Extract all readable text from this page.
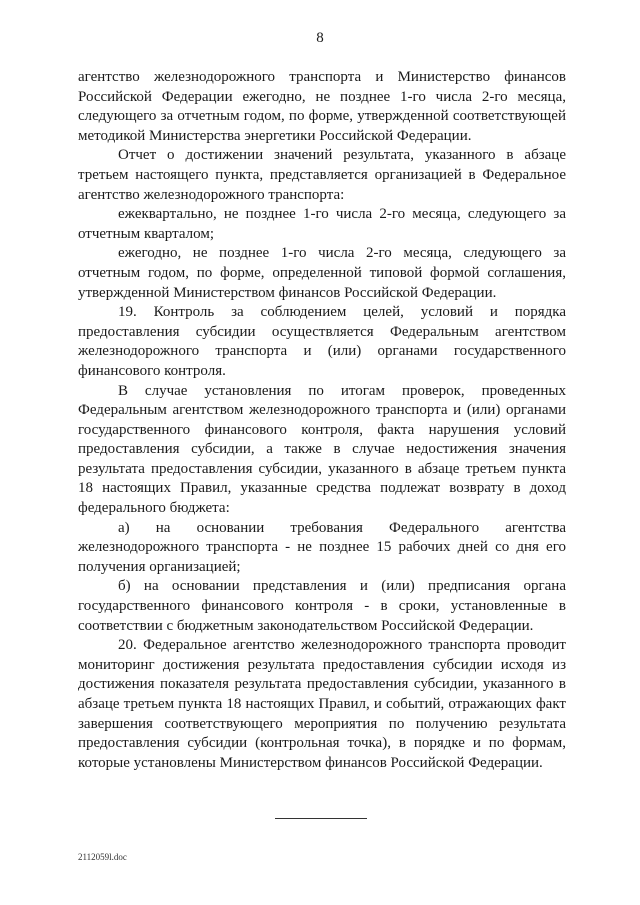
8

агентство железнодорожного транспорта и Министерство финансов Российской Федерации ежегодно, не позднее 1-го числа 2-го месяца, следующего за отчетным годом, по форме, утвержденной соответствующей методикой Министерства энергетики Российской Федерации.

Отчет о достижении значений результата, указанного в абзаце третьем настоящего пункта, представляется организацией в Федеральное агентство железнодорожного транспорта:

ежеквартально, не позднее 1-го числа 2-го месяца, следующего за отчетным кварталом;

ежегодно, не позднее 1-го числа 2-го месяца, следующего за отчетным годом, по форме, определенной типовой формой соглашения, утвержденной Министерством финансов Российской Федерации.

19. Контроль за соблюдением целей, условий и порядка предоставления субсидии осуществляется Федеральным агентством железнодорожного транспорта и (или) органами государственного финансового контроля.

В случае установления по итогам проверок, проведенных Федеральным агентством железнодорожного транспорта и (или) органами государственного финансового контроля, факта нарушения условий предоставления субсидии, а также в случае недостижения значения результата предоставления субсидии, указанного в абзаце третьем пункта 18 настоящих Правил, указанные средства подлежат возврату в доход федерального бюджета:

а) на основании требования Федерального агентства железнодорожного транспорта - не позднее 15 рабочих дней со дня его получения организацией;

б) на основании представления и (или) предписания органа государственного финансового контроля - в сроки, установленные в соответствии с бюджетным законодательством Российской Федерации.

20. Федеральное агентство железнодорожного транспорта проводит мониторинг достижения результата предоставления субсидии исходя из достижения показателя результата предоставления субсидии, указанного в абзаце третьем пункта 18 настоящих Правил, и событий, отражающих факт завершения соответствующего мероприятия по получению результата предоставления субсидии (контрольная точка), в порядке и по формам, которые установлены Министерством финансов Российской Федерации.

2112059l.doc
